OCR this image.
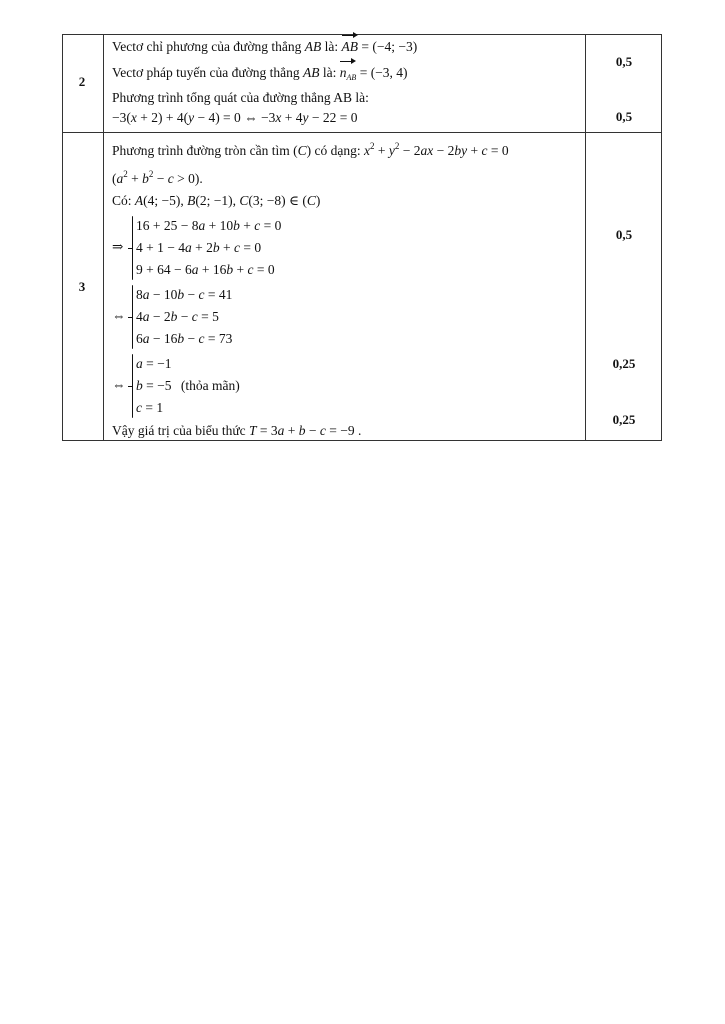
2
Vectơ chỉ phương của đường thẳng AB là: AB = (−4; −3)
Vectơ pháp tuyến của đường thẳng AB là: $n_{AB} = (-3$, 4)
Phương trình tổng quát của đường thẳng AB là:
−3(x + 2) + 4(y − 4) = 0 ⇔ −3x + 4y − 22 = 0
0,5
0,5
3
Phương trình đường tròn cần tìm (C) có dạng: $x^2 + y^2 - 2ax - 2by + c = 0$
$(a^2 + b^2 - c > 0)$.
Có: A(4; −5), B(2; −1), C(3; −8) ∈ (C)
⇒
16 + 25 − 8a + 10b + c = 0
4 + 1 − 4a + 2b + c = 0
9 + 64 − 6a + 16b + c = 0
⇔
8a − 10b − c = 41
4a − 2b − c = 5
6a − 16b − c = 73
⇔
a = −1
b = −5 (thỏa mãn)
c = 1
Vậy giá trị của biểu thức T = 3a + b − c = −9 .
0,5
0,25
0,25
